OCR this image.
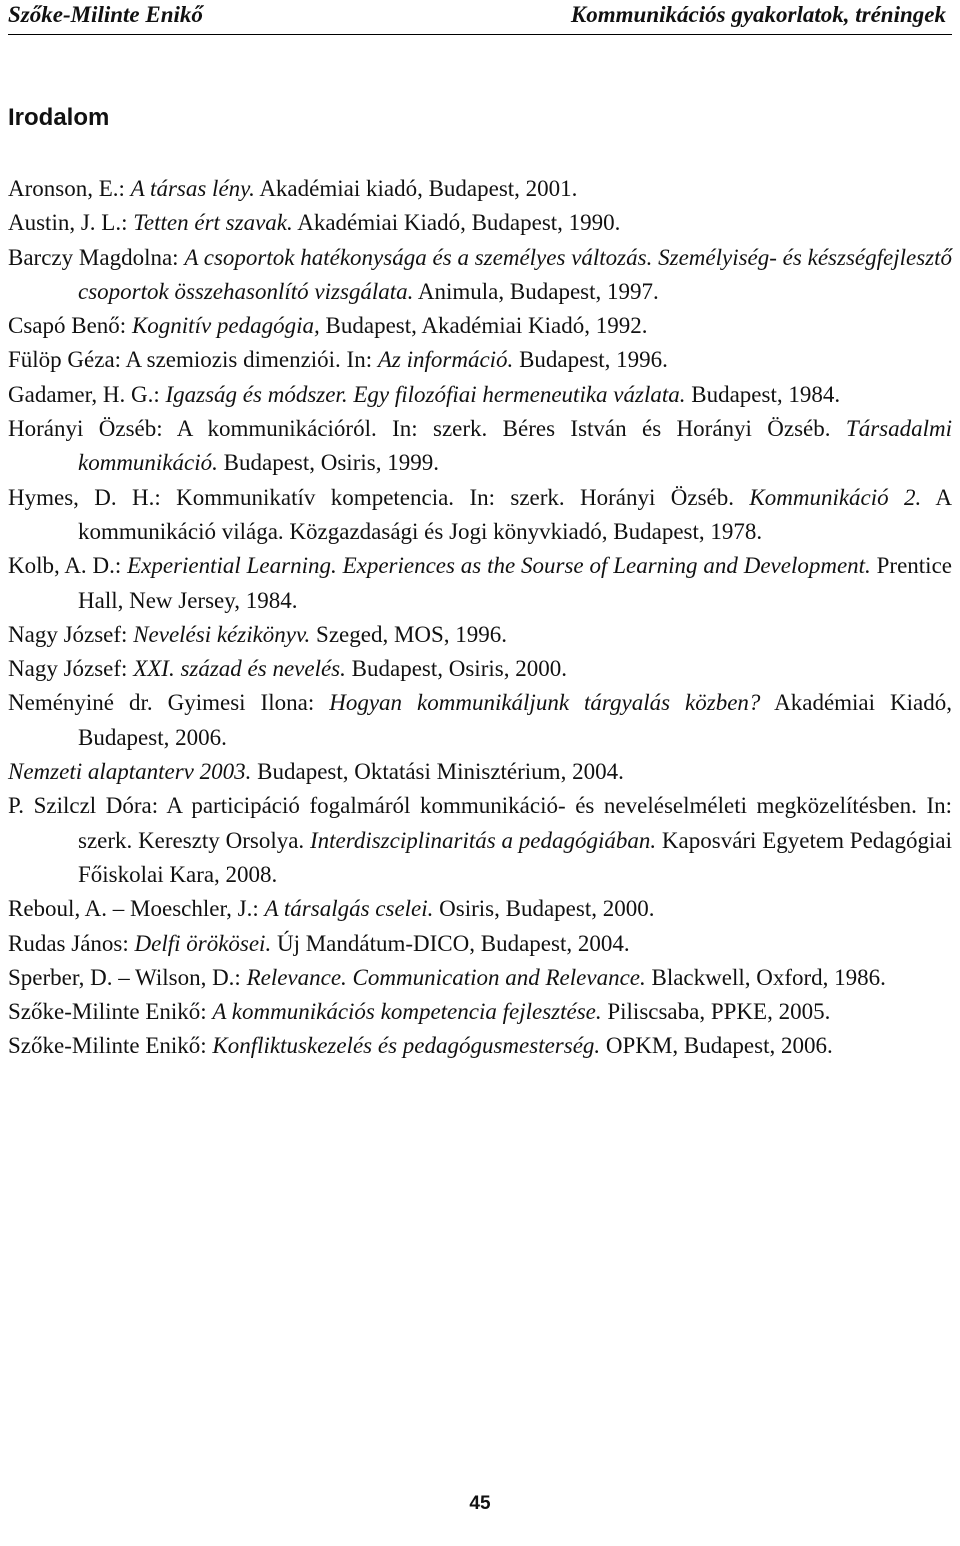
Szőke-Milinte Enikő	Kommunikációs gyakorlatok, tréningek
Irodalom
Aronson, E.: A társas lény. Akadémiai kiadó, Budapest, 2001.
Austin, J. L.: Tetten ért szavak. Akadémiai Kiadó, Budapest, 1990.
Barczy Magdolna: A csoportok hatékonysága és a személyes változás. Személyiség- és készségfejlesztő csoportok összehasonlító vizsgálata. Animula, Budapest, 1997.
Csapó Benő: Kognitív pedagógia, Budapest, Akadémiai Kiadó, 1992.
Fülöp Géza: A szemiozis dimenziói. In: Az információ. Budapest, 1996.
Gadamer, H. G.: Igazság és módszer. Egy filozófiai hermeneutika vázlata. Budapest, 1984.
Horányi Özséb: A kommunikációról. In: szerk. Béres István és Horányi Özséb. Társadalmi kommunikáció. Budapest, Osiris, 1999.
Hymes, D. H.: Kommunikatív kompetencia. In: szerk. Horányi Özséb. Kommunikáció 2. A kommunikáció világa. Közgazdasági és Jogi könyvkiadó, Budapest, 1978.
Kolb, A. D.: Experiential Learning. Experiences as the Sourse of Learning and Development. Prentice Hall, New Jersey, 1984.
Nagy József: Nevelési kézikönyv. Szeged, MOS, 1996.
Nagy József: XXI. század és nevelés. Budapest, Osiris, 2000.
Neményiné dr. Gyimesi Ilona: Hogyan kommunikáljunk tárgyalás közben? Akadémiai Kiadó, Budapest, 2006.
Nemzeti alaptanterv 2003. Budapest, Oktatási Minisztérium, 2004.
P. Szilczl Dóra: A participáció fogalmáról kommunikáció- és neveléselméleti megközelítésben. In: szerk. Kereszty Orsolya. Interdiszciplinaritás a pedagógiában. Kaposvári Egyetem Pedagógiai Főiskolai Kara, 2008.
Reboul, A. – Moeschler, J.: A társalgás cselei. Osiris, Budapest, 2000.
Rudas János: Delfi örökösei. Új Mandátum-DICO, Budapest, 2004.
Sperber, D. – Wilson, D.: Relevance. Communication and Relevance. Blackwell, Oxford, 1986.
Szőke-Milinte Enikő: A kommunikációs kompetencia fejlesztése. Piliscsaba, PPKE, 2005.
Szőke-Milinte Enikő: Konfliktuskezelés és pedagógusmesterség. OPKM, Budapest, 2006.
45
